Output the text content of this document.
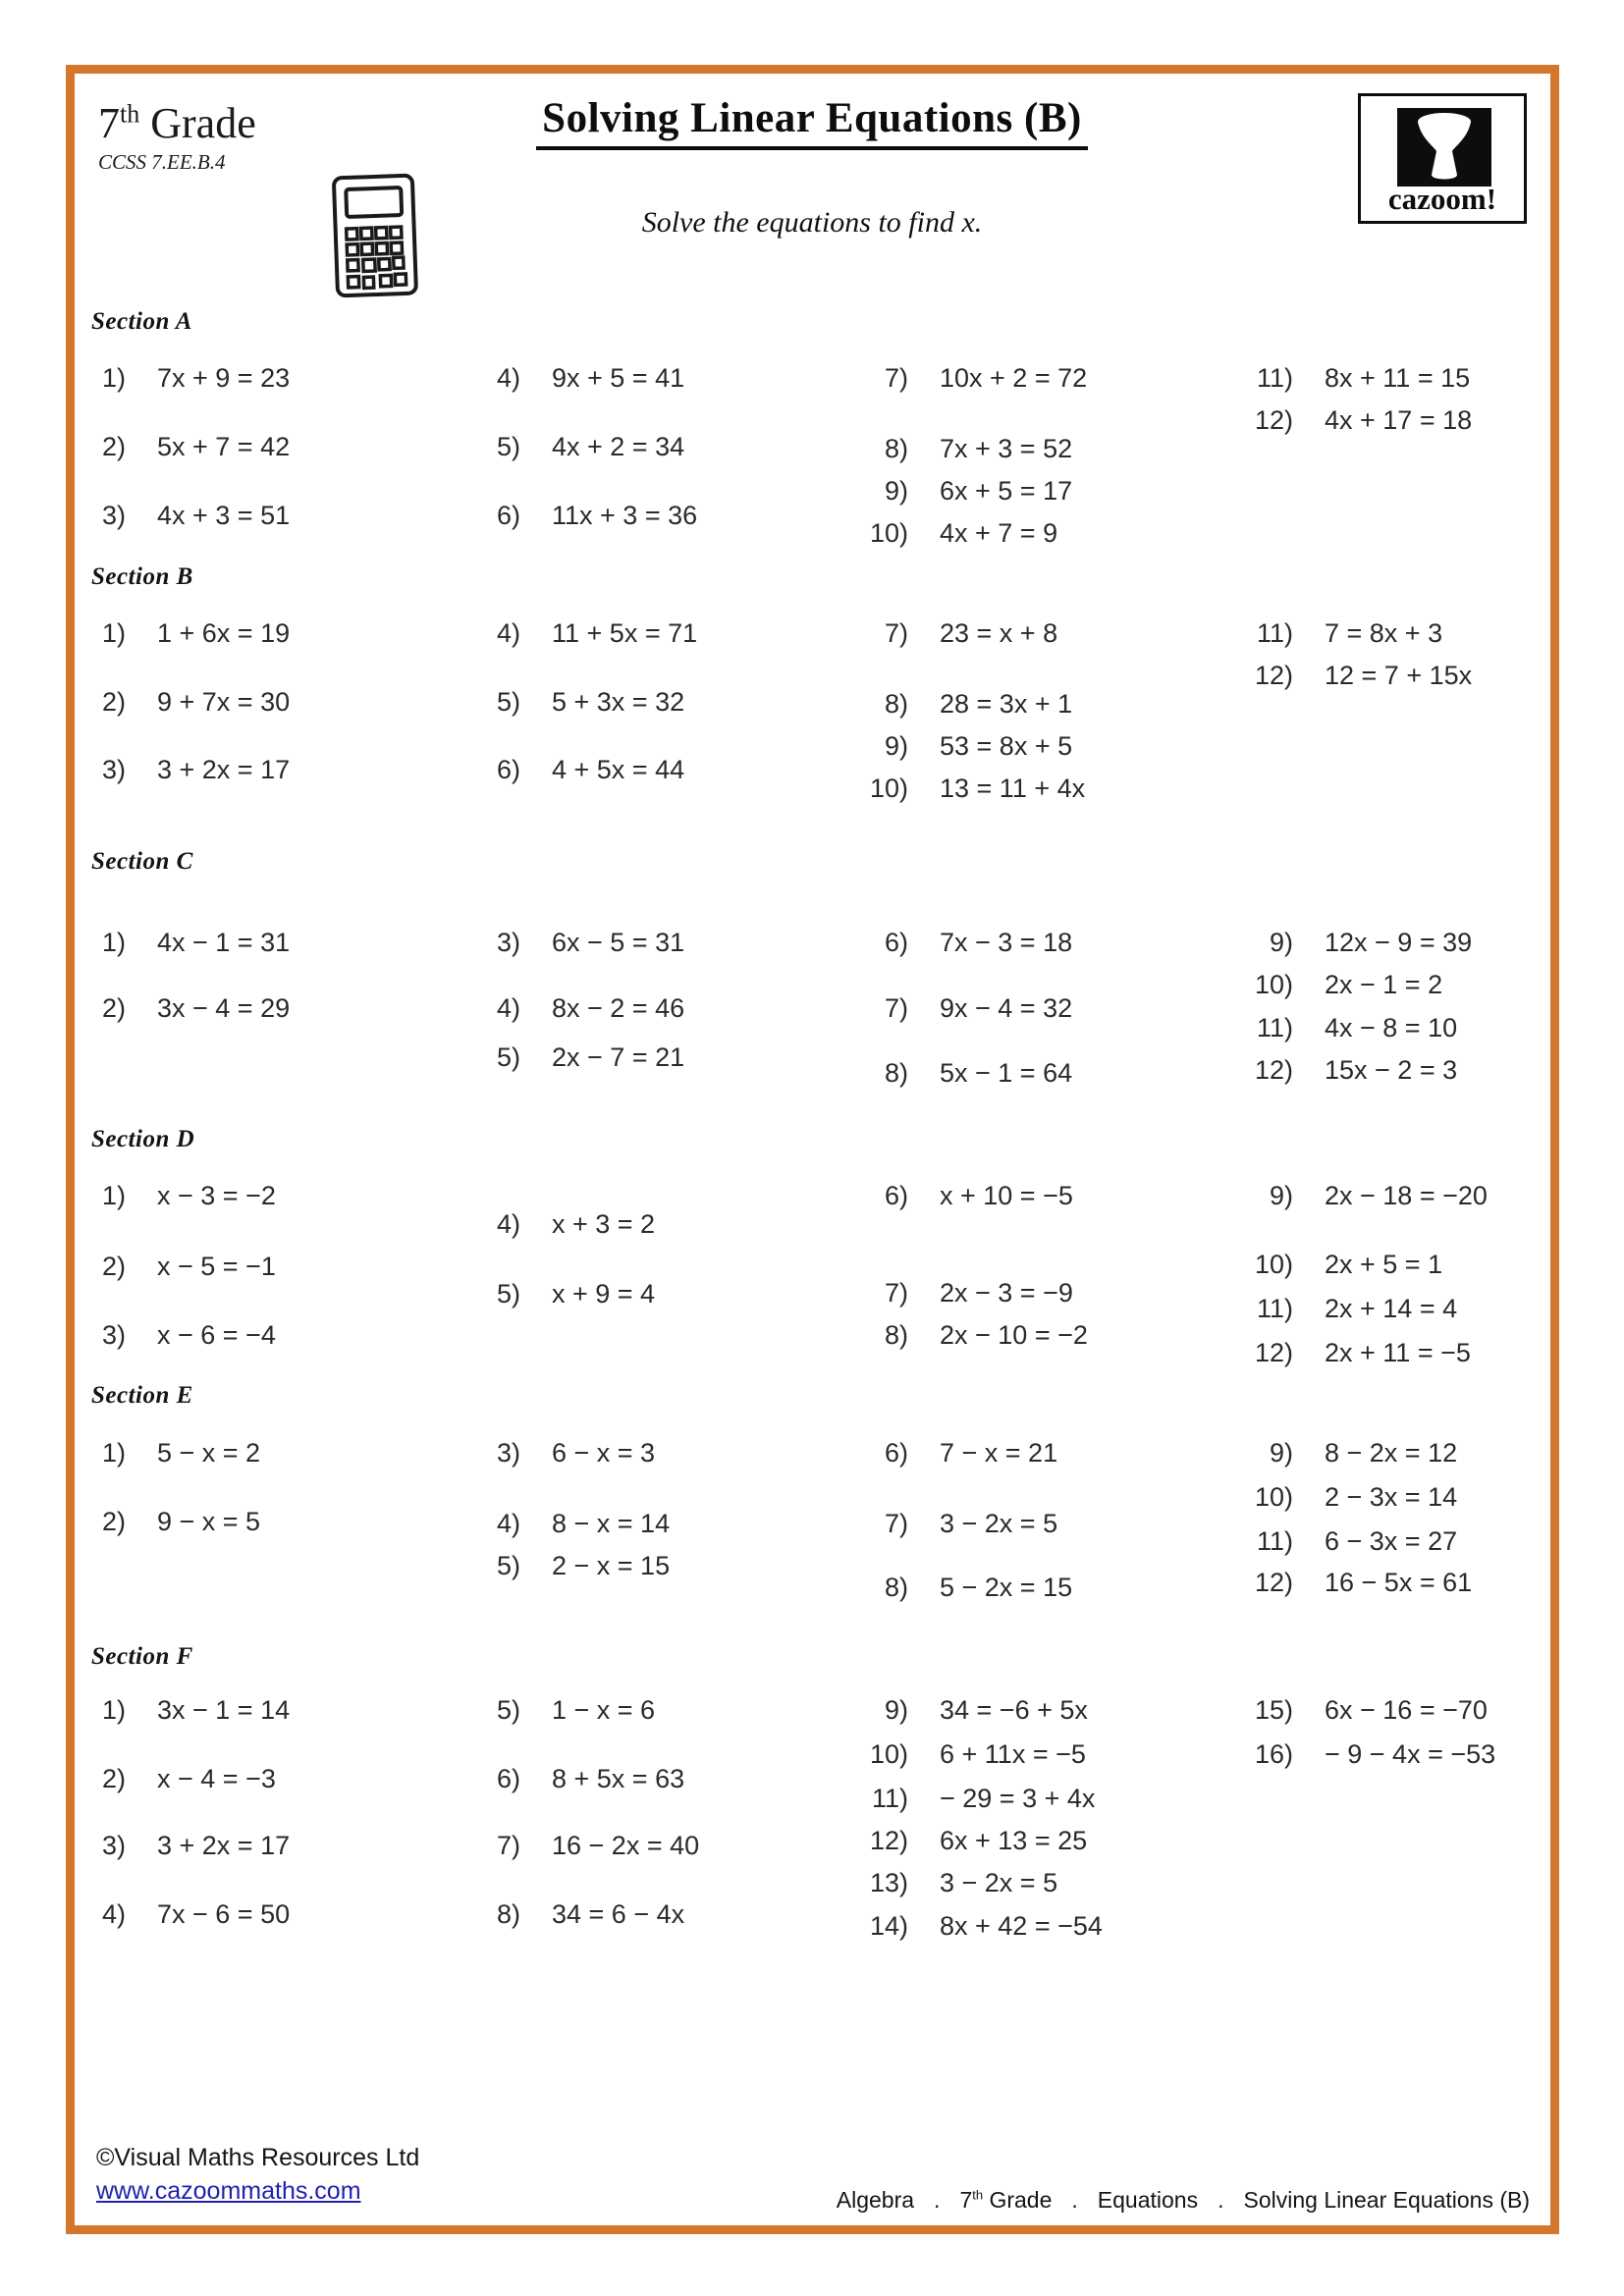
7th Grade
CCSS 7.EE.B.4
Solving Linear Equations (B)
Solve the equations to find x.
cazoom!
Section A
1) 7x + 9 = 23
2) 5x + 7 = 42
3) 4x + 3 = 51
4) 9x + 5 = 41
5) 4x + 2 = 34
6) 11x + 3 = 36
7) 10x + 2 = 72
8) 7x + 3 = 52
9) 6x + 5 = 17
10) 4x + 7 = 9
11) 8x + 11 = 15
12) 4x + 17 = 18
Section B
1) 1 + 6x = 19
2) 9 + 7x = 30
3) 3 + 2x = 17
4) 11 + 5x = 71
5) 5 + 3x = 32
6) 4 + 5x = 44
7) 23 = x + 8
8) 28 = 3x + 1
9) 53 = 8x + 5
10) 13 = 11 + 4x
11) 7 = 8x + 3
12) 12 = 7 + 15x
Section C
1) 4x − 1 = 31
2) 3x − 4 = 29
3) 6x − 5 = 31
4) 8x − 2 = 46
5) 2x − 7 = 21
6) 7x − 3 = 18
7) 9x − 4 = 32
8) 5x − 1 = 64
9) 12x − 9 = 39
10) 2x − 1 = 2
11) 4x − 8 = 10
12) 15x − 2 = 3
Section D
1) x − 3 = −2
2) x − 5 = −1
3) x − 6 = −4
4) x + 3 = 2
5) x + 9 = 4
6) x + 10 = −5
7) 2x − 3 = −9
8) 2x − 10 = −2
9) 2x − 18 = −20
10) 2x + 5 = 1
11) 2x + 14 = 4
12) 2x + 11 = −5
Section E
1) 5 − x = 2
2) 9 − x = 5
3) 6 − x = 3
4) 8 − x = 14
5) 2 − x = 15
6) 7 − x = 21
7) 3 − 2x = 5
8) 5 − 2x = 15
9) 8 − 2x = 12
10) 2 − 3x = 14
11) 6 − 3x = 27
12) 16 − 5x = 61
Section F
1) 3x − 1 = 14
2) x − 4 = −3
3) 3 + 2x = 17
4) 7x − 6 = 50
5) 1 − x = 6
6) 8 + 5x = 63
7) 16 − 2x = 40
8) 34 = 6 − 4x
9) 34 = −6 + 5x
10) 6 + 11x = −5
11) − 29 = 3 + 4x
12) 6x + 13 = 25
13) 3 − 2x = 5
14) 8x + 42 = −54
15) 6x − 16 = −70
16) − 9 − 4x = −53
©Visual Maths Resources Ltd
www.cazoommaths.com	Algebra . 7th Grade . Equations . Solving Linear Equations (B)
